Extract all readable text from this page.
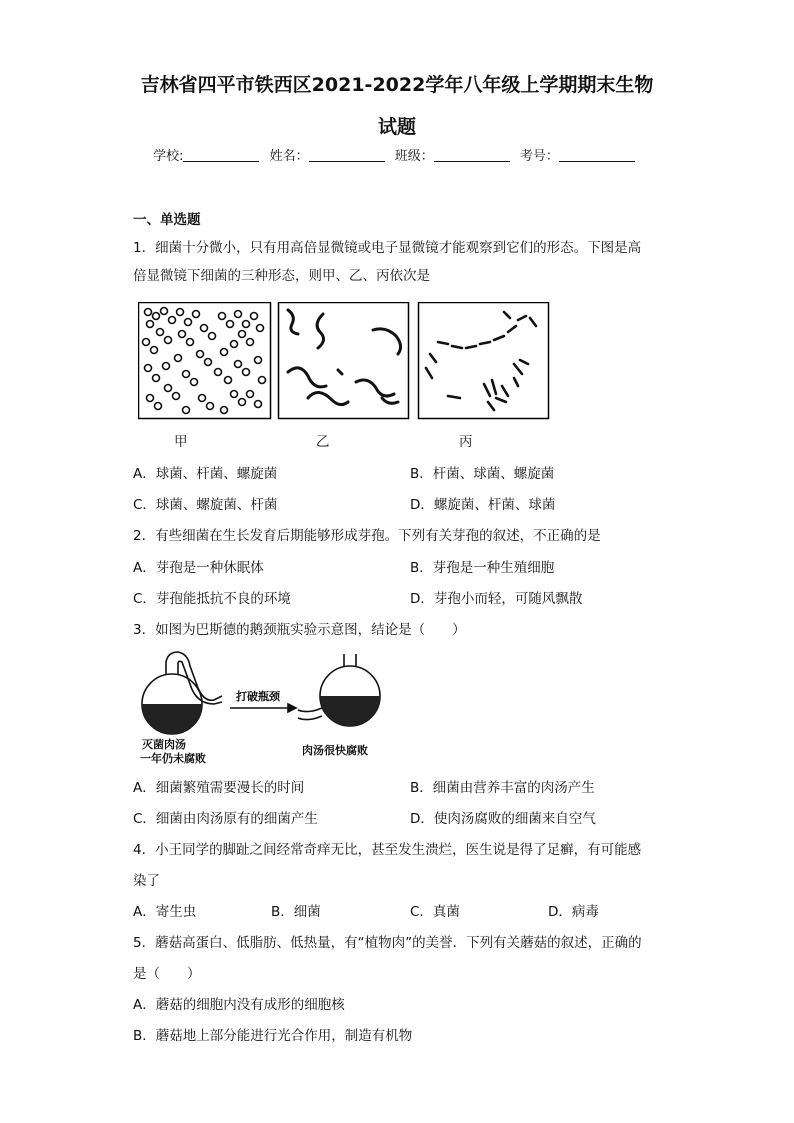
吉林省四平市铁西区2021-2022学年八年级上学期期末生物
试题
学校:	姓名：	班级：	考号：
一、单选题
1．细菌十分微小，只有用高倍显微镜或电子显微镜才能观察到它们的形态。下图是高
倍显微镜下细菌的三种形态，则甲、乙、丙依次是
甲	乙	丙
A．球菌、杆菌、螺旋菌	B．杆菌、球菌、螺旋菌
C．球菌、螺旋菌、杆菌	D．螺旋菌、杆菌、球菌
2．有些细菌在生长发育后期能够形成芽孢。下列有关芽孢的叙述，不正确的是
A．芽孢是一种休眠体	B．芽孢是一种生殖细胞
C．芽孢能抵抗不良的环境	D．芽孢小而轻，可随风飘散
3．如图为巴斯德的鹅颈瓶实验示意图，结论是（　　）
打破瓶颈
灭菌肉汤
一年仍未腐败
肉汤很快腐败
A．细菌繁殖需要漫长的时间	B．细菌由营养丰富的肉汤产生
C．细菌由肉汤原有的细菌产生	D．使肉汤腐败的细菌来自空气
4．小王同学的脚趾之间经常奇痒无比，甚至发生溃烂，医生说是得了足癣，有可能感
染了
A．寄生虫	B．细菌	C．真菌	D．病毒
5．蘑菇高蛋白、低脂肪、低热量，有“植物肉”的美誉．下列有关蘑菇的叙述，正确的
是（　　）
A．蘑菇的细胞内没有成形的细胞核
B．蘑菇地上部分能进行光合作用，制造有机物
